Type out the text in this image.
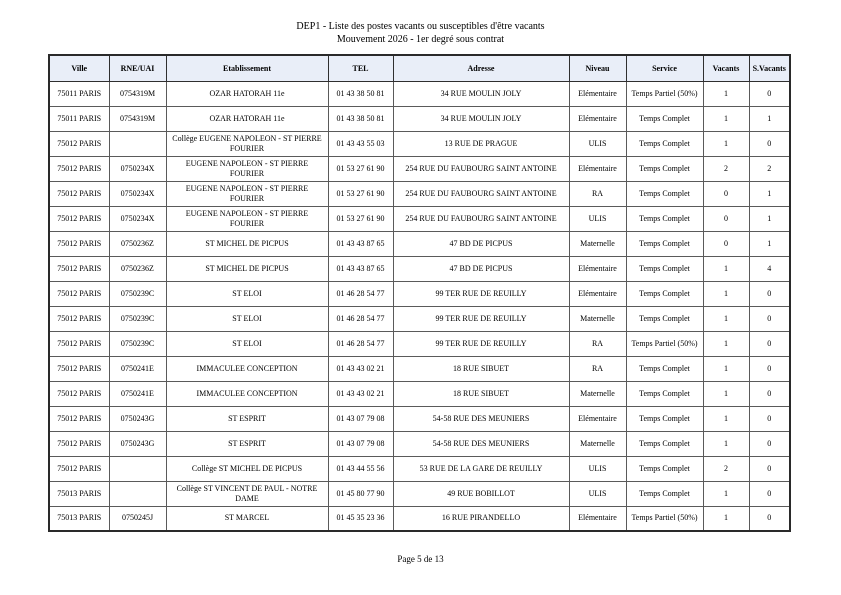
DEP1 - Liste des postes vacants ou susceptibles d'être vacants
Mouvement 2026 - 1er degré sous contrat
Ville	RNE/UAI	Etablissement	TEL	Adresse	Niveau	Service	Vacants	S.Vacants
75011 PARIS	0754319M	OZAR HATORAH 11e	01 43 38 50 81	34 RUE MOULIN JOLY	Elémentaire	Temps Partiel (50%)	1	0
75011 PARIS	0754319M	OZAR HATORAH 11e	01 43 38 50 81	34 RUE MOULIN JOLY	Elémentaire	Temps Complet	1	1
75012 PARIS		Collège EUGENE NAPOLEON - ST PIERRE FOURIER	01 43 43 55 03	13 RUE DE PRAGUE	ULIS	Temps Complet	1	0
75012 PARIS	0750234X	EUGENE NAPOLEON - ST PIERRE FOURIER	01 53 27 61 90	254 RUE DU FAUBOURG SAINT ANTOINE	Elémentaire	Temps Complet	2	2
75012 PARIS	0750234X	EUGENE NAPOLEON - ST PIERRE FOURIER	01 53 27 61 90	254 RUE DU FAUBOURG SAINT ANTOINE	RA	Temps Complet	0	1
75012 PARIS	0750234X	EUGENE NAPOLEON - ST PIERRE FOURIER	01 53 27 61 90	254 RUE DU FAUBOURG SAINT ANTOINE	ULIS	Temps Complet	0	1
75012 PARIS	0750236Z	ST MICHEL DE PICPUS	01 43 43 87 65	47 BD DE PICPUS	Maternelle	Temps Complet	0	1
75012 PARIS	0750236Z	ST MICHEL DE PICPUS	01 43 43 87 65	47 BD DE PICPUS	Elémentaire	Temps Complet	1	4
75012 PARIS	0750239C	ST ELOI	01 46 28 54 77	99 TER RUE DE REUILLY	Elémentaire	Temps Complet	1	0
75012 PARIS	0750239C	ST ELOI	01 46 28 54 77	99 TER RUE DE REUILLY	Maternelle	Temps Complet	1	0
75012 PARIS	0750239C	ST ELOI	01 46 28 54 77	99 TER RUE DE REUILLY	RA	Temps Partiel (50%)	1	0
75012 PARIS	0750241E	IMMACULEE CONCEPTION	01 43 43 02 21	18 RUE SIBUET	RA	Temps Complet	1	0
75012 PARIS	0750241E	IMMACULEE CONCEPTION	01 43 43 02 21	18 RUE SIBUET	Maternelle	Temps Complet	1	0
75012 PARIS	0750243G	ST ESPRIT	01 43 07 79 08	54-58 RUE DES MEUNIERS	Elémentaire	Temps Complet	1	0
75012 PARIS	0750243G	ST ESPRIT	01 43 07 79 08	54-58 RUE DES MEUNIERS	Maternelle	Temps Complet	1	0
75012 PARIS		Collège ST MICHEL DE PICPUS	01 43 44 55 56	53 RUE DE LA GARE DE REUILLY	ULIS	Temps Complet	2	0
75013 PARIS		Collège ST VINCENT DE PAUL - NOTRE DAME	01 45 80 77 90	49 RUE BOBILLOT	ULIS	Temps Complet	1	0
75013 PARIS	0750245J	ST MARCEL	01 45 35 23 36	16 RUE PIRANDELLO	Elémentaire	Temps Partiel (50%)	1	0
Page 5 de 13
